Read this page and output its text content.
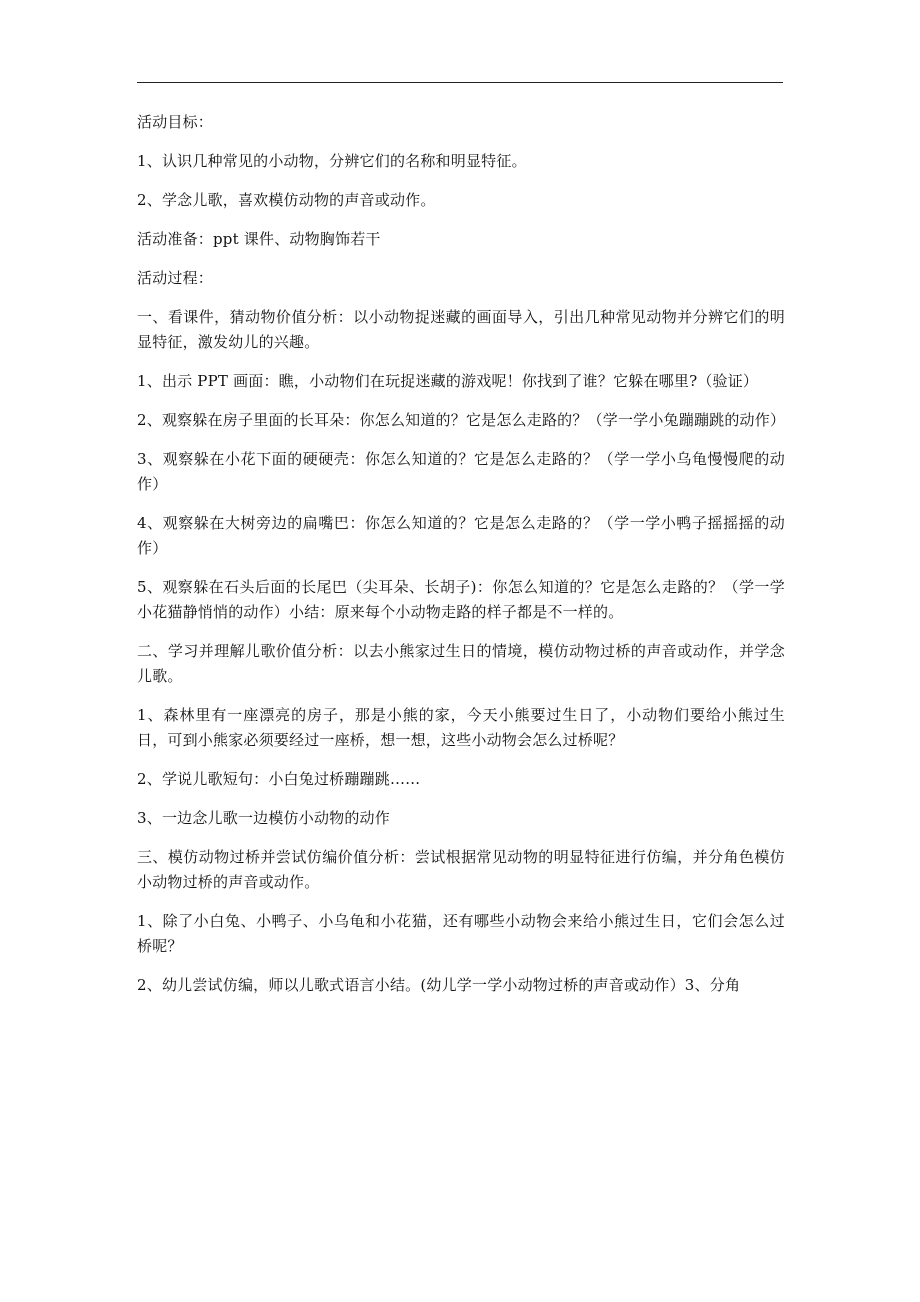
活动目标：

1、认识几种常见的小动物，分辨它们的名称和明显特征。

2、学念儿歌，喜欢模仿动物的声音或动作。

活动准备：ppt 课件、动物胸饰若干

活动过程：

一、看课件，猜动物价值分析：以小动物捉迷藏的画面导入，引出几种常见动物并分辨它们的明显特征，激发幼儿的兴趣。

1、出示 PPT 画面：瞧，小动物们在玩捉迷藏的游戏呢！你找到了谁？它躲在哪里?（验证）

2、观察躲在房子里面的长耳朵：你怎么知道的？它是怎么走路的？（学一学小兔蹦蹦跳的动作）

3、观察躲在小花下面的硬硬壳：你怎么知道的？它是怎么走路的？（学一学小乌龟慢慢爬的动作）

4、观察躲在大树旁边的扁嘴巴：你怎么知道的？它是怎么走路的？（学一学小鸭子摇摇摇的动作）

5、观察躲在石头后面的长尾巴（尖耳朵、长胡子)：你怎么知道的？它是怎么走路的？（学一学小花猫静悄悄的动作）小结：原来每个小动物走路的样子都是不一样的。

二、学习并理解儿歌价值分析：以去小熊家过生日的情境，模仿动物过桥的声音或动作，并学念儿歌。

1、森林里有一座漂亮的房子，那是小熊的家，今天小熊要过生日了，小动物们要给小熊过生日，可到小熊家必须要经过一座桥，想一想，这些小动物会怎么过桥呢？

2、学说儿歌短句：小白兔过桥蹦蹦跳……

3、一边念儿歌一边模仿小动物的动作

三、模仿动物过桥并尝试仿编价值分析：尝试根据常见动物的明显特征进行仿编，并分角色模仿小动物过桥的声音或动作。

1、除了小白兔、小鸭子、小乌龟和小花猫，还有哪些小动物会来给小熊过生日，它们会怎么过桥呢？

2、幼儿尝试仿编，师以儿歌式语言小结。(幼儿学一学小动物过桥的声音或动作）3、分角
